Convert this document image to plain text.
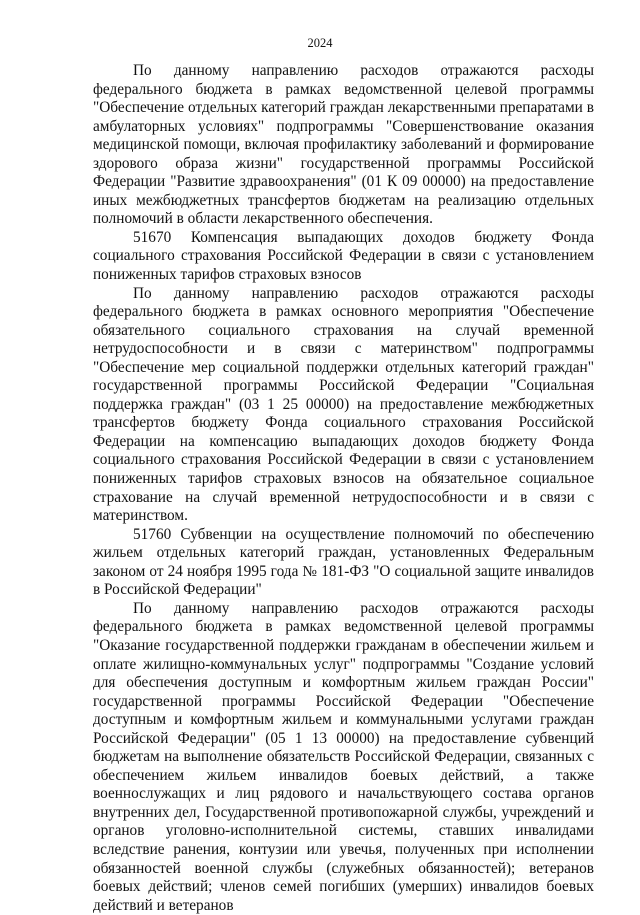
2024

По данному направлению расходов отражаются расходы федерального бюджета в рамках ведомственной целевой программы "Обеспечение отдельных категорий граждан лекарственными препаратами в амбулаторных условиях" подпрограммы "Совершенствование оказания медицинской помощи, включая профилактику заболеваний и формирование здорового образа жизни" государственной программы Российской Федерации "Развитие здравоохранения" (01 К 09 00000) на предоставление иных межбюджетных трансфертов бюджетам на реализацию отдельных полномочий в области лекарственного обеспечения.

51670 Компенсация выпадающих доходов бюджету Фонда социального страхования Российской Федерации в связи с установлением пониженных тарифов страховых взносов

По данному направлению расходов отражаются расходы федерального бюджета в рамках основного мероприятия "Обеспечение обязательного социального страхования на случай временной нетрудоспособности и в связи с материнством" подпрограммы "Обеспечение мер социальной поддержки отдельных категорий граждан" государственной программы Российской Федерации "Социальная поддержка граждан" (03 1 25 00000) на предоставление межбюджетных трансфертов бюджету Фонда социального страхования Российской Федерации на компенсацию выпадающих доходов бюджету Фонда социального страхования Российской Федерации в связи с установлением пониженных тарифов страховых взносов на обязательное социальное страхование на случай временной нетрудоспособности и в связи с материнством.

51760 Субвенции на осуществление полномочий по обеспечению жильем отдельных категорий граждан, установленных Федеральным законом от 24 ноября 1995 года № 181-ФЗ "О социальной защите инвалидов в Российской Федерации"

По данному направлению расходов отражаются расходы федерального бюджета в рамках ведомственной целевой программы "Оказание государственной поддержки гражданам в обеспечении жильем и оплате жилищно-коммунальных услуг" подпрограммы "Создание условий для обеспечения доступным и комфортным жильем граждан России" государственной программы Российской Федерации "Обеспечение доступным и комфортным жильем и коммунальными услугами граждан Российской Федерации" (05 1 13 00000) на предоставление субвенций бюджетам на выполнение обязательств Российской Федерации, связанных с обеспечением жильем инвалидов боевых действий, а также военнослужащих и лиц рядового и начальствующего состава органов внутренних дел, Государственной противопожарной службы, учреждений и органов уголовно-исполнительной системы, ставших инвалидами вследствие ранения, контузии или увечья, полученных при исполнении обязанностей военной службы (служебных обязанностей); ветеранов боевых действий; членов семей погибших (умерших) инвалидов боевых действий и ветеранов
